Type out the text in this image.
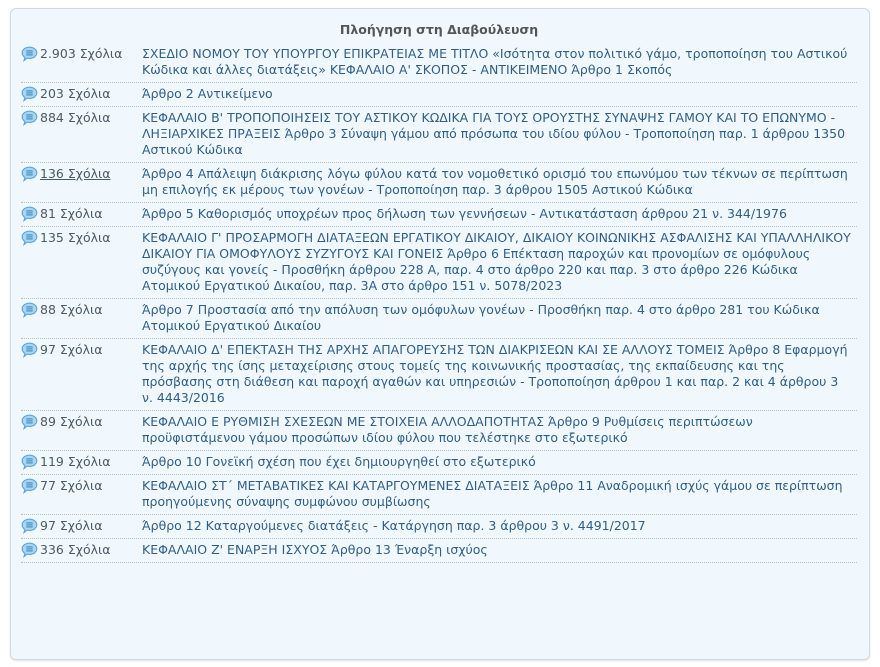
Πλοήγηση στη Διαβούλευση
2.903 Σχόλια ΣΧΕΔΙΟ ΝΟΜΟΥ ΤΟΥ ΥΠΟΥΡΓΟΥ ΕΠΙΚΡΑΤΕΙΑΣ ΜΕ ΤΙΤΛΟ «Ισότητα στον πολιτικό γάμο, τροποποίηση του Αστικού Κώδικα και άλλες διατάξεις» ΚΕΦΑΛΑΙΟ Α' ΣΚΟΠΟΣ - ΑΝΤΙΚΕΙΜΕΝΟ Άρθρο 1 Σκοπός
203 Σχόλια	Άρθρο 2 Αντικείμενο
884 Σχόλια	ΚΕΦΑΛΑΙΟ Β' ΤΡΟΠΟΠΟΙΗΣΕΙΣ ΤΟΥ ΑΣΤΙΚΟΥ ΚΩΔΙΚΑ ΓΙΑ ΤΟΥΣ ΟΡΟΥΣΤΗΣ ΣΥΝΑΨΗΣ ΓΑΜΟΥ ΚΑΙ ΤΟ ΕΠΩΝΥΜΟ - ΛΗΞΙΑΡΧΙΚΕΣ ΠΡΑΞΕΙΣ Άρθρο 3 Σύναψη γάμου από πρόσωπα του ιδίου φύλου - Τροποποίηση παρ. 1 άρθρου 1350 Αστικού Κώδικα
136 Σχόλια	Άρθρο 4 Απάλειψη διάκρισης λόγω φύλου κατά τον νομοθετικό ορισμό του επωνύμου των τέκνων σε περίπτωση μη επιλογής εκ μέρους των γονέων - Τροποποίηση παρ. 3 άρθρου 1505 Αστικού Κώδικα
81 Σχόλια	Άρθρο 5 Καθορισμός υποχρέων προς δήλωση των γεννήσεων - Αντικατάσταση άρθρου 21 ν. 344/1976
135 Σχόλια	ΚΕΦΑΛΑΙΟ Γ' ΠΡΟΣΑΡΜΟΓΗ ΔΙΑΤΑΞΕΩΝ ΕΡΓΑΤΙΚΟΥ ΔΙΚΑΙΟΥ, ΔΙΚΑΙΟΥ ΚΟΙΝΩΝΙΚΗΣ ΑΣΦΑΛΙΣΗΣ ΚΑΙ ΥΠΑΛΛΗΛΙΚΟΥ ΔΙΚΑΙΟΥ ΓΙΑ ΟΜΟΦΥΛΟΥΣ ΣΥΖΥΓΟΥΣ ΚΑΙ ΓΟΝΕΙΣ Άρθρο 6 Επέκταση παροχών και προνομίων σε ομόφυλους συζύγους και γονείς - Προσθήκη άρθρου 228 Α, παρ. 4 στο άρθρο 220 και παρ. 3 στο άρθρο 226 Κώδικα Ατομικού Εργατικού Δικαίου, παρ. 3Α στο άρθρο 151 ν. 5078/2023
88 Σχόλια	Άρθρο 7 Προστασία από την απόλυση των ομόφυλων γονέων - Προσθήκη παρ. 4 στο άρθρο 281 του Κώδικα Ατομικού Εργατικού Δικαίου
97 Σχόλια	ΚΕΦΑΛΑΙΟ Δ' ΕΠΕΚΤΑΣΗ ΤΗΣ ΑΡΧΗΣ ΑΠΑΓΟΡΕΥΣΗΣ ΤΩΝ ΔΙΑΚΡΙΣΕΩΝ ΚΑΙ ΣΕ ΑΛΛΟΥΣ ΤΟΜΕΙΣ Άρθρο 8 Εφαρμογή της αρχής της ίσης μεταχείρισης στους τομείς της κοινωνικής προστασίας, της εκπαίδευσης και της πρόσβασης στη διάθεση και παροχή αγαθών και υπηρεσιών - Τροποποίηση άρθρου 1 και παρ. 2 και 4 άρθρου 3 ν. 4443/2016
89 Σχόλια	ΚΕΦΑΛΑΙΟ Ε ΡΥΘΜΙΣΗ ΣΧΕΣΕΩΝ ΜΕ ΣΤΟΙΧΕΙΑ ΑΛΛΟΔΑΠΟΤΗΤΑΣ Άρθρο 9 Ρυθμίσεις περιπτώσεων προϋφιστάμενου γάμου προσώπων ιδίου φύλου που τελέστηκε στο εξωτερικό
119 Σχόλια	Άρθρο 10 Γονεϊκή σχέση που έχει δημιουργηθεί στο εξωτερικό
77 Σχόλια	ΚΕΦΑΛΑΙΟ ΣΤ΄ ΜΕΤΑΒΑΤΙΚΕΣ ΚΑΙ ΚΑΤΑΡΓΟΥΜΕΝΕΣ ΔΙΑΤΑΞΕΙΣ Άρθρο 11 Αναδρομική ισχύς γάμου σε περίπτωση προηγούμενης σύναψης συμφώνου συμβίωσης
97 Σχόλια	Άρθρο 12 Καταργούμενες διατάξεις - Κατάργηση παρ. 3 άρθρου 3 ν. 4491/2017
336 Σχόλια	ΚΕΦΑΛΑΙΟ Ζ' ΕΝΑΡΞΗ ΙΣΧΥΟΣ Άρθρο 13 Έναρξη ισχύος
